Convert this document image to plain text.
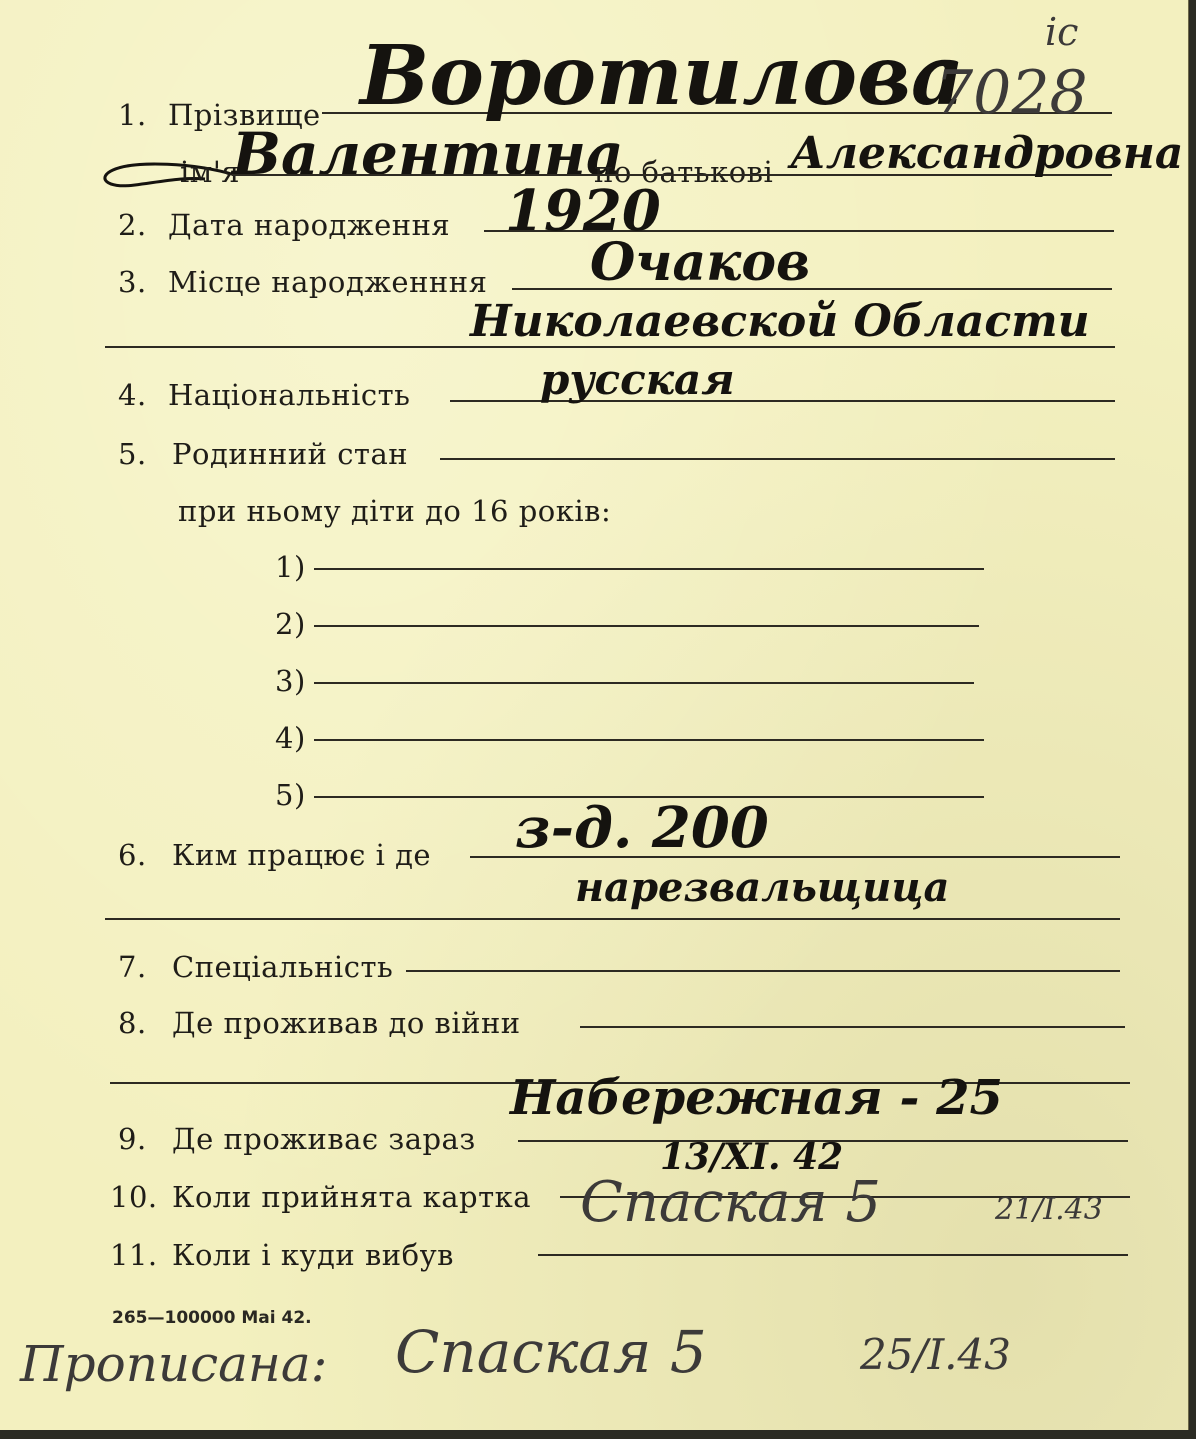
1. Прізвище Воротилова
7028
ic
ім'я
Валентина
по батькові Александровна
2. Дата народження 1920
3. Місце народженння Очаков
Николаевской Области
4. Національність	русская
5. Родинний стан
при ньому діти до 16 років:
1)
2)
3)
4)
5)
6. Ким працює і де з-д. 200
нарезвальщица
7. Спеціальність
8. Де проживав до війни
Набережная - 25
9. Де проживає зараз	13/XI. 42
10. Коли прийнята картка Спаская 5	21/I.43
11. Коли і куди вибув
265—100000 Mai 42.
Прописана: Спаская 5	25/I.43
